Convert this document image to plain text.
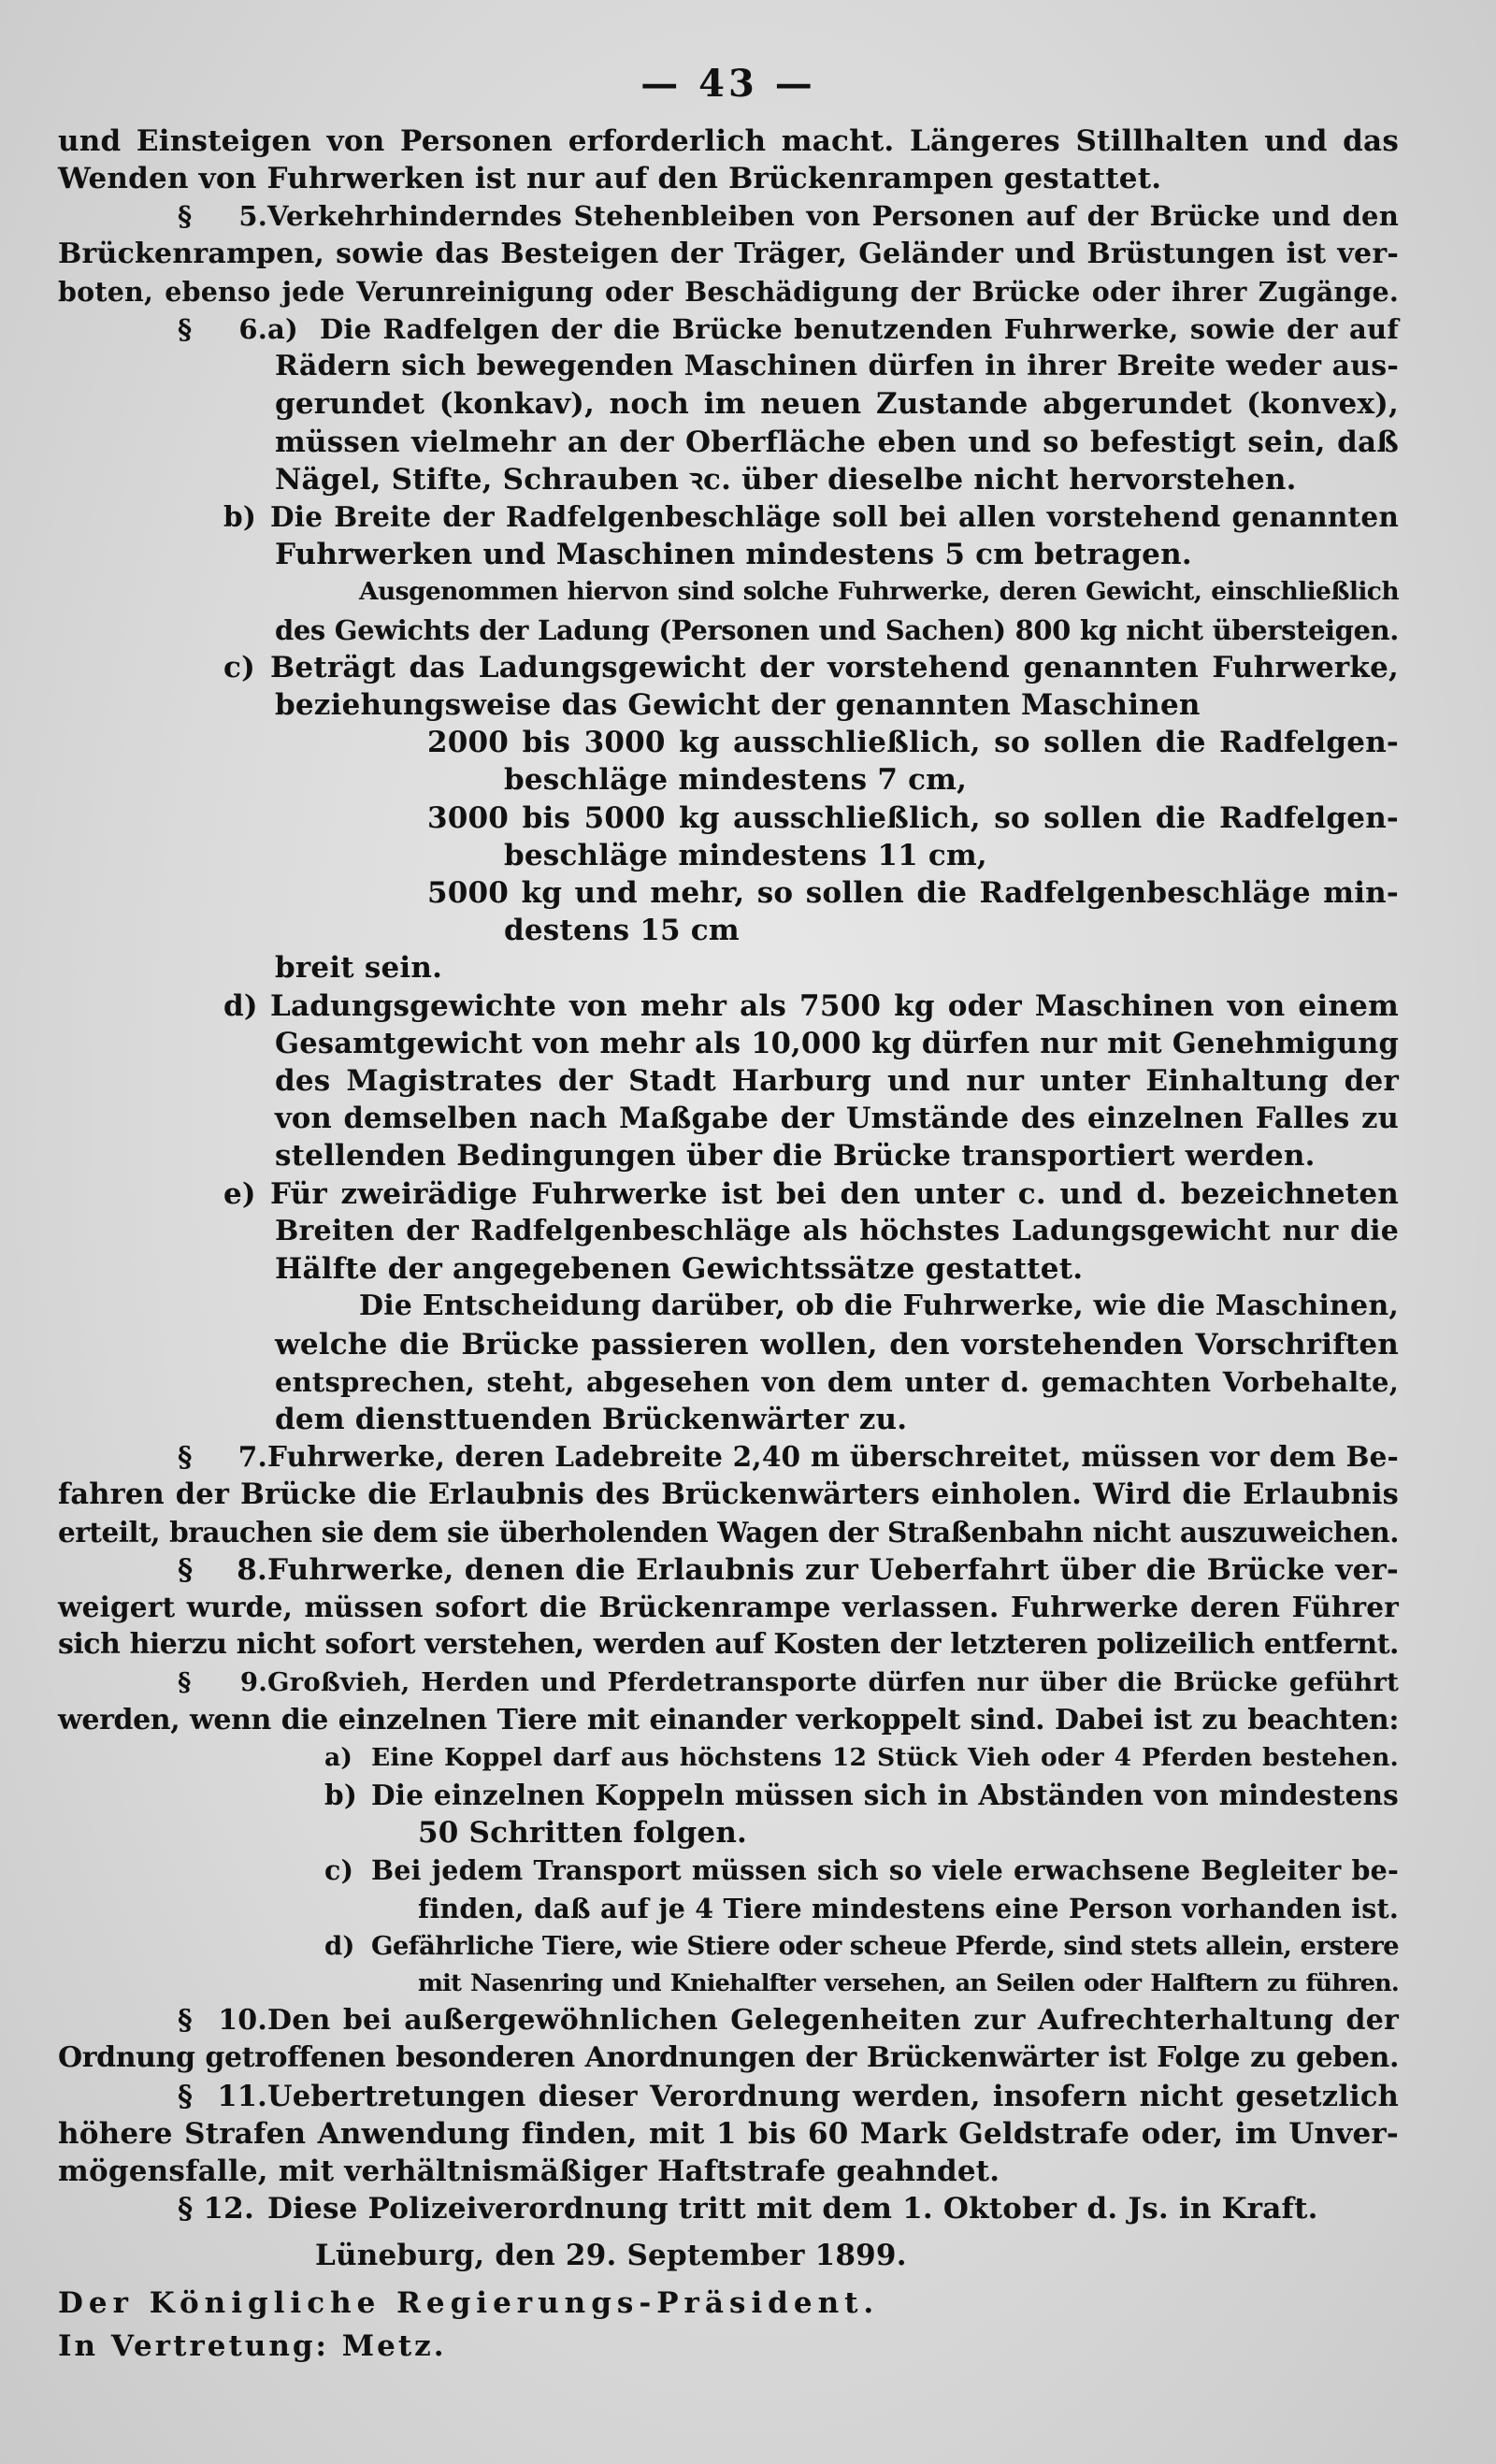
— 43 —
und Einsteigen von Personen erforderlich macht. Längeres Stillhalten und das
Wenden von Fuhrwerken ist nur auf den Brückenrampen gestattet.
§ 5.Verkehrhinderndes Stehenbleiben von Personen auf der Brücke und den
Brückenrampen, sowie das Besteigen der Träger, Geländer und Brüstungen ist ver-
boten, ebenso jede Verunreinigung oder Beschädigung der Brücke oder ihrer Zugänge.
§ 6.a) Die Radfelgen der die Brücke benutzenden Fuhrwerke, sowie der auf
Rädern sich bewegenden Maschinen dürfen in ihrer Breite weder aus-
gerundet (konkav), noch im neuen Zustande abgerundet (konvex),
müssen vielmehr an der Oberfläche eben und so befestigt sein, daß
Nägel, Stifte, Schrauben ꝛc. über dieselbe nicht hervorstehen.
b) Die Breite der Radfelgenbeschläge soll bei allen vorstehend genannten
Fuhrwerken und Maschinen mindestens 5 cm betragen.
Ausgenommen hiervon sind solche Fuhrwerke, deren Gewicht, einschließlich
des Gewichts der Ladung (Personen und Sachen) 800 kg nicht übersteigen.
c) Beträgt das Ladungsgewicht der vorstehend genannten Fuhrwerke,
beziehungsweise das Gewicht der genannten Maschinen
2000 bis 3000 kg ausschließlich, so sollen die Radfelgen-
beschläge mindestens 7 cm,
3000 bis 5000 kg ausschließlich, so sollen die Radfelgen-
beschläge mindestens 11 cm,
5000 kg und mehr, so sollen die Radfelgenbeschläge min-
destens 15 cm
breit sein.
d) Ladungsgewichte von mehr als 7500 kg oder Maschinen von einem
Gesamtgewicht von mehr als 10,000 kg dürfen nur mit Genehmigung
des Magistrates der Stadt Harburg und nur unter Einhaltung der
von demselben nach Maßgabe der Umstände des einzelnen Falles zu
stellenden Bedingungen über die Brücke transportiert werden.
e) Für zweirädige Fuhrwerke ist bei den unter c. und d. bezeichneten
Breiten der Radfelgenbeschläge als höchstes Ladungsgewicht nur die
Hälfte der angegebenen Gewichtssätze gestattet.
Die Entscheidung darüber, ob die Fuhrwerke, wie die Maschinen,
welche die Brücke passieren wollen, den vorstehenden Vorschriften
entsprechen, steht, abgesehen von dem unter d. gemachten Vorbehalte,
dem diensttuenden Brückenwärter zu.
§ 7.Fuhrwerke, deren Ladebreite 2,40 m überschreitet, müssen vor dem Be-
fahren der Brücke die Erlaubnis des Brückenwärters einholen. Wird die Erlaubnis
erteilt, brauchen sie dem sie überholenden Wagen der Straßenbahn nicht auszuweichen.
§ 8.Fuhrwerke, denen die Erlaubnis zur Ueberfahrt über die Brücke ver-
weigert wurde, müssen sofort die Brückenrampe verlassen. Fuhrwerke deren Führer
sich hierzu nicht sofort verstehen, werden auf Kosten der letzteren polizeilich entfernt.
§ 9.Großvieh, Herden und Pferdetransporte dürfen nur über die Brücke geführt
werden, wenn die einzelnen Tiere mit einander verkoppelt sind. Dabei ist zu beachten:
a) Eine Koppel darf aus höchstens 12 Stück Vieh oder 4 Pferden bestehen.
b) Die einzelnen Koppeln müssen sich in Abständen von mindestens
50 Schritten folgen.
c) Bei jedem Transport müssen sich so viele erwachsene Begleiter be-
finden, daß auf je 4 Tiere mindestens eine Person vorhanden ist.
d) Gefährliche Tiere, wie Stiere oder scheue Pferde, sind stets allein, erstere
mit Nasenring und Kniehalfter versehen, an Seilen oder Halftern zu führen.
§ 10.Den bei außergewöhnlichen Gelegenheiten zur Aufrechterhaltung der
Ordnung getroffenen besonderen Anordnungen der Brückenwärter ist Folge zu geben.
§ 11.Uebertretungen dieser Verordnung werden, insofern nicht gesetzlich
höhere Strafen Anwendung finden, mit 1 bis 60 Mark Geldstrafe oder, im Unver-
mögensfalle, mit verhältnismäßiger Haftstrafe geahndet.
§ 12. Diese Polizeiverordnung tritt mit dem 1. Oktober d. Js. in Kraft.
Lüneburg, den 29. September 1899.
Der Königliche Regierungs-Präsident.
In Vertretung: Metz.
